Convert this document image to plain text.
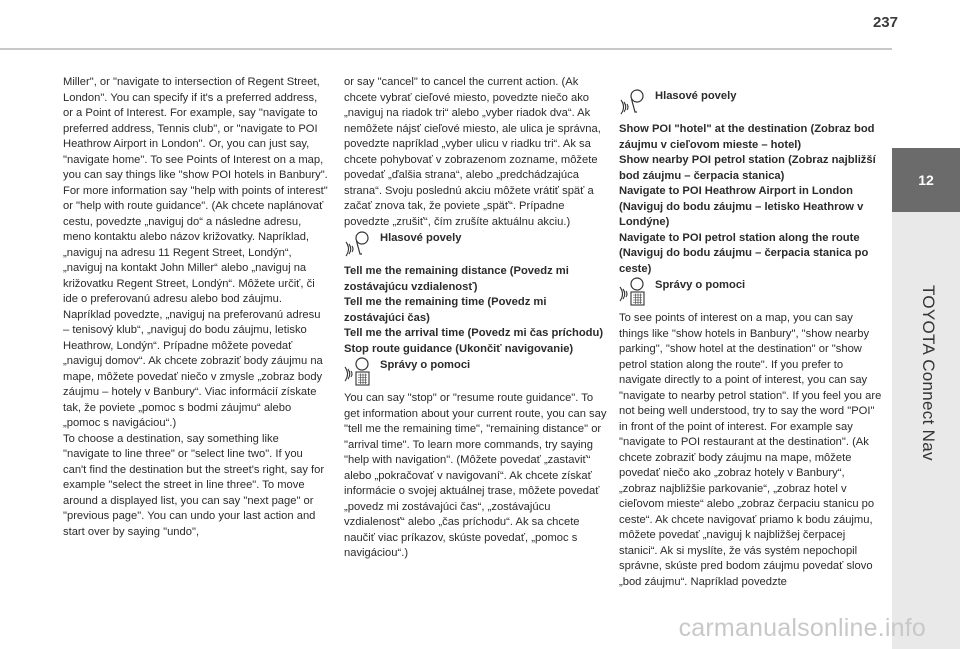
237
12
TOYOTA Connect Nav

Miller", or "navigate to intersection of Regent Street, London". You can specify if it's a preferred address, or a Point of Interest. For example, say "navigate to preferred address, Tennis club", or "navigate to POI Heathrow Airport in London". Or, you can just say, "navigate home". To see Points of Interest on a map, you can say things like "show POI hotels in Banbury". For more information say "help with points of interest" or "help with route guidance". (Ak chcete naplánovať cestu, povedzte „naviguj do“ a následne adresu, meno kontaktu alebo názov križovatky. Napríklad, „naviguj na adresu 11 Regent Street, Londýn“, „naviguj na kontakt John Miller“ alebo „naviguj na križovatku Regent Street, Londýn“. Môžete určiť, či ide o preferovanú adresu alebo bod záujmu. Napríklad povedzte, „naviguj na preferovanú adresu – tenisový klub“, „naviguj do bodu záujmu, letisko Heathrow, Londýn“. Prípadne môžete povedať „naviguj domov“. Ak chcete zobraziť body záujmu na mape, môžete povedať niečo v zmysle „zobraz body záujmu – hotely v Banbury“. Viac informácií získate tak, že poviete „pomoc s bodmi záujmu“ alebo „pomoc s navigáciou“.)

To choose a destination, say something like "navigate to line three" or "select line two". If you can't find the destination but the street's right, say for example "select the street in line three". To move around a displayed list, you can say "next page" or "previous page". You can undo your last action and start over by saying "undo",

or say "cancel" to cancel the current action. (Ak chcete vybrať cieľové miesto, povedzte niečo ako „naviguj na riadok tri“ alebo „vyber riadok dva“. Ak nemôžete nájsť cieľové miesto, ale ulica je správna, povedzte napríklad „vyber ulicu v riadku tri“. Ak sa chcete pohybovať v zobrazenom zozname, môžete povedať „ďalšia strana“, alebo „predchádzajúca strana“. Svoju poslednú akciu môžete vrátiť späť a začať znova tak, že poviete „späť“. Prípadne povedzte „zrušiť“, čím zrušíte aktuálnu akciu.)

Hlasové povely

Tell me the remaining distance (Povedz mi zostávajúcu vzdialenosť)

Tell me the remaining time (Povedz mi zostávajúci čas)

Tell me the arrival time (Povedz mi čas príchodu)

Stop route guidance (Ukončiť navigovanie)

Správy o pomoci

You can say "stop" or "resume route guidance". To get information about your current route, you can say "tell me the remaining time", "remaining distance" or "arrival time". To learn more commands, try saying "help with navigation". (Môžete povedať „zastaviť“ alebo „pokračovať v navigovaní“. Ak chcete získať informácie o svojej aktuálnej trase, môžete povedať „povedz mi zostávajúci čas“, „zostávajúcu vzdialenosť“ alebo „čas príchodu“. Ak sa chcete naučiť viac príkazov, skúste povedať, „pomoc s navigáciou“.)

Hlasové povely

Show POI "hotel" at the destination (Zobraz bod záujmu v cieľovom mieste – hotel)

Show nearby POI petrol station (Zobraz najbližší bod záujmu – čerpacia stanica)

Navigate to POI Heathrow Airport in London (Naviguj do bodu záujmu – letisko Heathrow v Londýne)

Navigate to POI petrol station along the route (Naviguj do bodu záujmu – čerpacia stanica po ceste)

Správy o pomoci

To see points of interest on a map, you can say things like "show hotels in Banbury", "show nearby parking", "show hotel at the destination" or "show petrol station along the route". If you prefer to navigate directly to a point of interest, you can say "navigate to nearby petrol station". If you feel you are not being well understood, try to say the word "POI" in front of the point of interest. For example say "navigate to POI restaurant at the destination". (Ak chcete zobraziť body záujmu na mape, môžete povedať niečo ako „zobraz hotely v Banbury“, „zobraz najbližšie parkovanie“, „zobraz hotel v cieľovom mieste“ alebo „zobraz čerpaciu stanicu po ceste“. Ak chcete navigovať priamo k bodu záujmu, môžete povedať „naviguj k najbližšej čerpacej stanici“. Ak si myslíte, že vás systém nepochopil správne, skúste pred bodom záujmu povedať slovo „bod záujmu“. Napríklad povedzte

carmanualsonline.info
